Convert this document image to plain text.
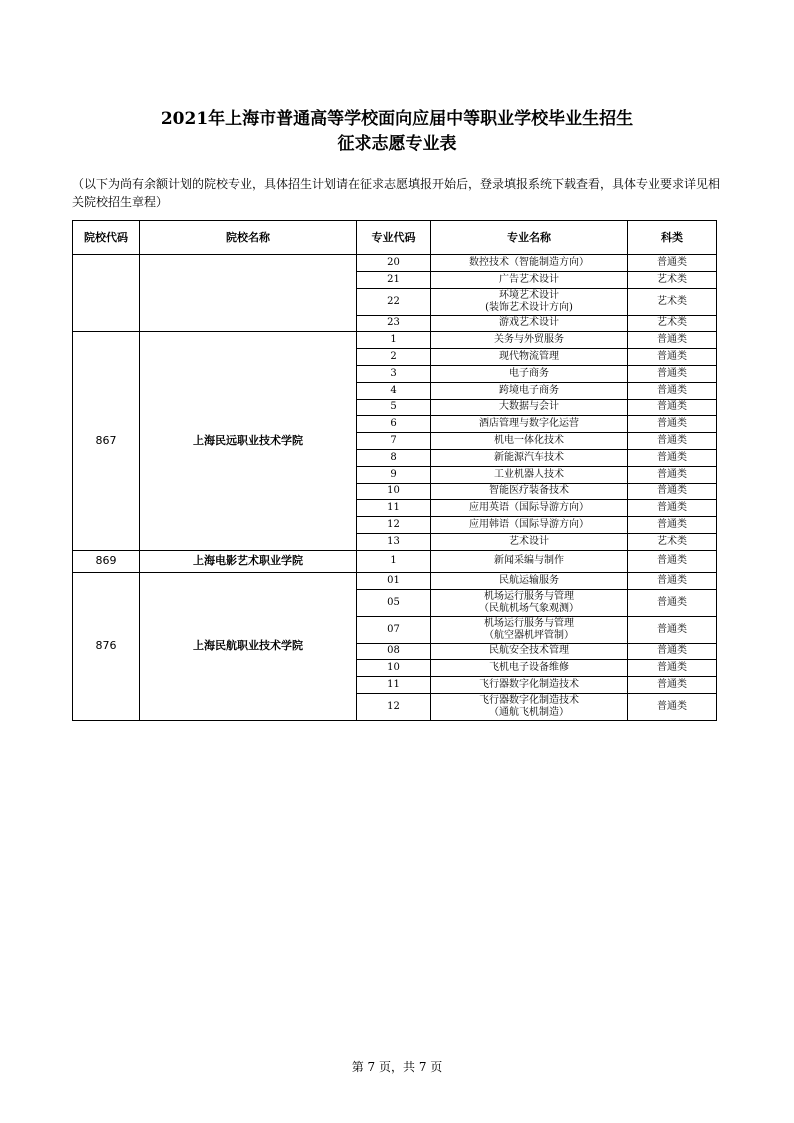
2021年上海市普通高等学校面向应届中等职业学校毕业生招生
征求志愿专业表
（以下为尚有余额计划的院校专业，具体招生计划请在征求志愿填报开始后，登录填报系统下载查看，具体专业要求详见相关院校招生章程）
院校代码	院校名称	专业代码	专业名称	科类
		20	数控技术（智能制造方向）	普通类
		21	广告艺术设计	艺术类
		22	环境艺术设计
(装饰艺术设计方向)	艺术类
		23	游戏艺术设计	艺术类
867	上海民远职业技术学院	1	关务与外贸服务	普通类
		2	现代物流管理	普通类
		3	电子商务	普通类
		4	跨境电子商务	普通类
		5	大数据与会计	普通类
		6	酒店管理与数字化运营	普通类
		7	机电一体化技术	普通类
		8	新能源汽车技术	普通类
		9	工业机器人技术	普通类
		10	智能医疗装备技术	普通类
		11	应用英语（国际导游方向）	普通类
		12	应用韩语（国际导游方向）	普通类
		13	艺术设计	艺术类
869	上海电影艺术职业学院	1	新闻采编与制作	普通类
876	上海民航职业技术学院	01	民航运输服务	普通类
		05	机场运行服务与管理
（民航机场气象观测）	普通类
		07	机场运行服务与管理
（航空器机坪管制）	普通类
		08	民航安全技术管理	普通类
		10	飞机电子设备维修	普通类
		11	飞行器数字化制造技术	普通类
		12	飞行器数字化制造技术
（通航飞机制造）	普通类
第 7 页，共 7 页
